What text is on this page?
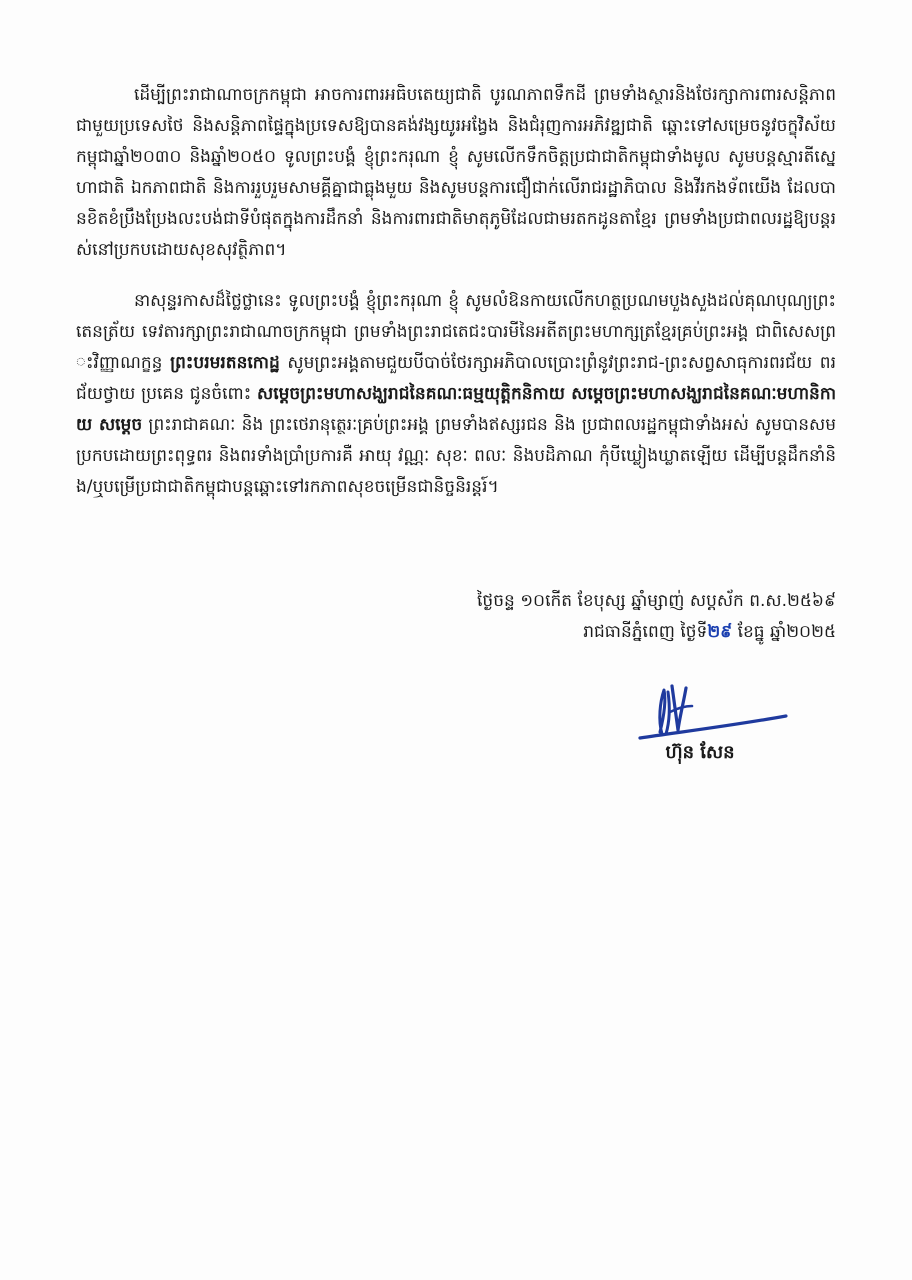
ដើម្បីព្រះរាជាណាចក្រកម្ពុជា អាចការពារអធិបតេយ្យជាតិ បូរណភាពទឹកដី ព្រមទាំងស្ថារនិងថែរក្សាការពារសន្តិភាពជាមួយប្រទេសថៃ និងសន្តិភាពផ្ទៃក្នុងប្រទេសឱ្យបានគង់វង្សយូរអង្វែង និងជំរុញការអភិវឌ្ឍជាតិ ឆ្ពោះទៅសម្រេចនូវចក្ខុវិស័យកម្ពុជាឆ្នាំ២០៣០ និងឆ្នាំ២០៥០ ទូលព្រះបង្គំ ខ្ញុំព្រះករុណា ខ្ញុំ សូមលើកទឹកចិត្តប្រជាជាតិកម្ពុជាទាំងមូល សូមបន្តស្មារតីស្នេហាជាតិ ឯកភាពជាតិ និងការរួបរួមសាមគ្គីគ្នាជាធ្លុងមួយ និងសូមបន្តការជឿជាក់លើរាជរដ្ឋាភិបាល និងវីរកងទ័ពយើង ដែលបានខិតខំប្រឹងប្រែងលះបង់ជាទីបំផុតក្នុងការដឹកនាំ និងការពារជាតិមាតុភូមិដែលជាមរតកដូនតាខ្មែរ ព្រមទាំងប្រជាពលរដ្ឋឱ្យបន្តរស់នៅប្រកបដោយសុខសុវត្ថិភាព។

នាសុន្ទរកាសដ៏ថ្លៃថ្លានេះ ទូលព្រះបង្គំ ខ្ញុំព្រះករុណា ខ្ញុំ សូមលំឱនកាយលើកហត្ថប្រណមបួងសួងដល់គុណបុណ្យព្រះតេនត្រ័យ ទេវតារក្សាព្រះរាជាណាចក្រកម្ពុជា ព្រមទាំងព្រះរាជតេជះបារមីនៃអតីតព្រះមហាក្សត្រខ្មែរគ្រប់ព្រះអង្គ ជាពិសេសព្រះវិញ្ញាណក្ខន្ធ ព្រះបរមរតនកោដ្ឋ សូមព្រះអង្គតាមជួយបីបាច់ថែរក្សាអភិបាលប្រោះព្រំនូវព្រះរាជ-ព្រះសព្វសាធុការពរជ័យ ពរជ័យថ្វាយ ប្រគេន ជូនចំពោះ សម្តេចព្រះមហាសង្ឃរាជនៃគណៈធម្មយុត្តិកនិកាយ សម្តេចព្រះមហាសង្ឃរាជនៃគណៈមហានិកាយ សម្តេច ព្រះរាជាគណៈ និង ព្រះថេរានុត្ថេរៈគ្រប់ព្រះអង្គ ព្រមទាំងឥស្សរជន និង ប្រជាពលរដ្ឋកម្ពុជាទាំងអស់ សូមបានសមប្រកបដោយព្រះពុទ្ធពរ និងពរទាំងប្រាំប្រការគឺ អាយុ វណ្ណៈ សុខៈ ពលៈ និងបដិភាណ កុំបីឃ្លៀងឃ្លាតឡើយ ដើម្បីបន្តដឹកនាំនិង/ឬបម្រើប្រជាជាតិកម្ពុជាបន្តឆ្ពោះទៅរកភាពសុខចម្រើនជានិច្ចនិរន្តរ៍។

ថ្ងៃចន្ទ ១០កើត ខែបុស្ស ឆ្នាំម្សាញ់ សប្តស័ក ព.ស.២៥៦៩
រាជធានីភ្នំពេញ ថ្ងៃទី២៩ ខែធ្នូ ឆ្នាំ២០២៥
ហ៊ុន សែន
